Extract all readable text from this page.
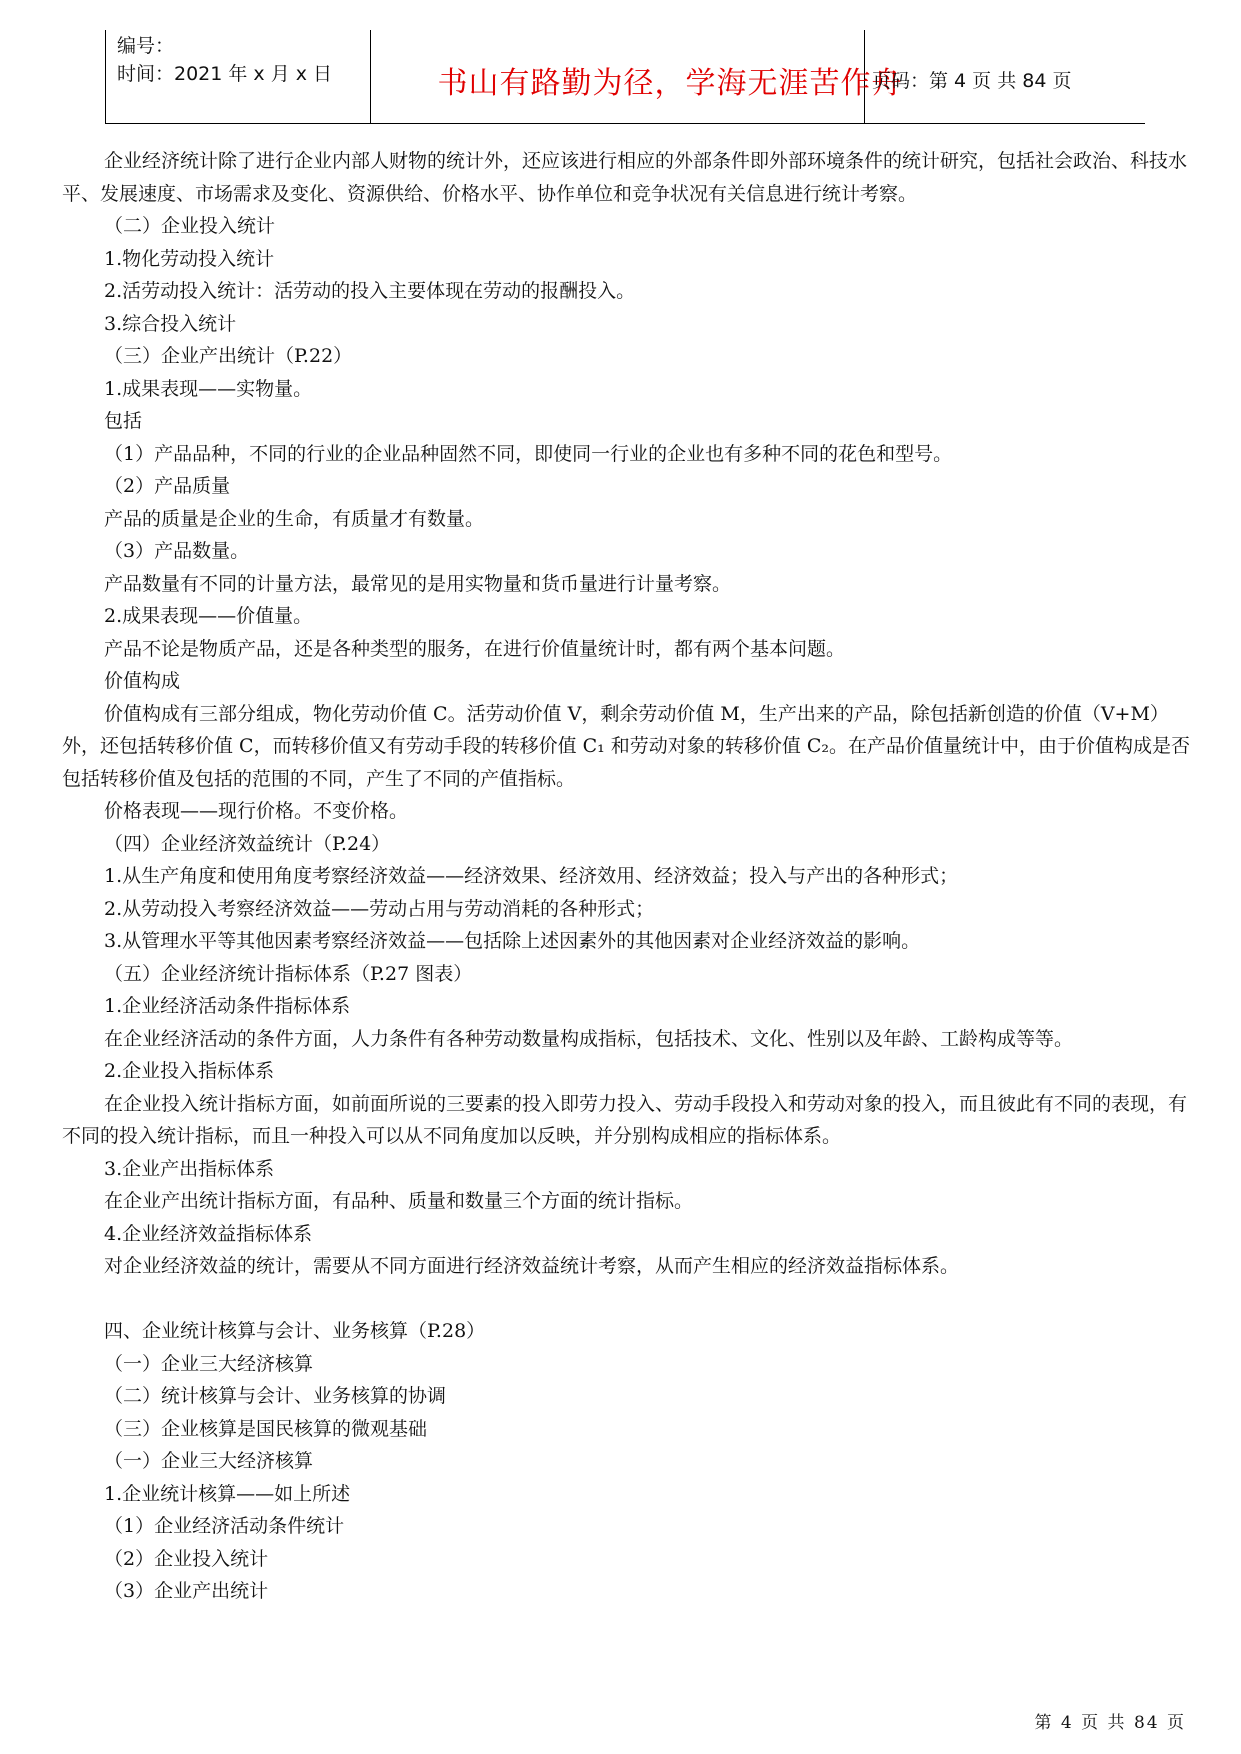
编号：
时间：2021 年 x 月 x 日	书山有路勤为径，学海无涯苦作舟
页码：第 4 页 共 84 页

企业经济统计除了进行企业内部人财物的统计外，还应该进行相应的外部条件即外部环境条件的统计研究，包括社会政治、科技水平、发展速度、市场需求及变化、资源供给、价格水平、协作单位和竞争状况有关信息进行统计考察。

（二）企业投入统计

1.物化劳动投入统计

2.活劳动投入统计：活劳动的投入主要体现在劳动的报酬投入。

3.综合投入统计

（三）企业产出统计（P.22）

1.成果表现——实物量。

包括

（1）产品品种，不同的行业的企业品种固然不同，即使同一行业的企业也有多种不同的花色和型号。

（2）产品质量

产品的质量是企业的生命，有质量才有数量。

（3）产品数量。

产品数量有不同的计量方法，最常见的是用实物量和货币量进行计量考察。

2.成果表现——价值量。

产品不论是物质产品，还是各种类型的服务，在进行价值量统计时，都有两个基本问题。

价值构成

价值构成有三部分组成，物化劳动价值 C。活劳动价值 V，剩余劳动价值 M，生产出来的产品，除包括新创造的价值（V+M）外，还包括转移价值 C，而转移价值又有劳动手段的转移价值 C₁ 和劳动对象的转移价值 C₂。在产品价值量统计中，由于价值构成是否包括转移价值及包括的范围的不同，产生了不同的产值指标。

价格表现——现行价格。不变价格。

（四）企业经济效益统计（P.24）

1.从生产角度和使用角度考察经济效益——经济效果、经济效用、经济效益；投入与产出的各种形式；

2.从劳动投入考察经济效益——劳动占用与劳动消耗的各种形式；

3.从管理水平等其他因素考察经济效益——包括除上述因素外的其他因素对企业经济效益的影响。

（五）企业经济统计指标体系（P.27 图表）

1.企业经济活动条件指标体系

在企业经济活动的条件方面，人力条件有各种劳动数量构成指标，包括技术、文化、性别以及年龄、工龄构成等等。

2.企业投入指标体系

在企业投入统计指标方面，如前面所说的三要素的投入即劳力投入、劳动手段投入和劳动对象的投入，而且彼此有不同的表现，有不同的投入统计指标，而且一种投入可以从不同角度加以反映，并分别构成相应的指标体系。

3.企业产出指标体系

在企业产出统计指标方面，有品种、质量和数量三个方面的统计指标。

4.企业经济效益指标体系

对企业经济效益的统计，需要从不同方面进行经济效益统计考察，从而产生相应的经济效益指标体系。

四、企业统计核算与会计、业务核算（P.28）

（一）企业三大经济核算

（二）统计核算与会计、业务核算的协调

（三）企业核算是国民核算的微观基础

（一）企业三大经济核算

1.企业统计核算——如上所述

（1）企业经济活动条件统计

（2）企业投入统计

（3）企业产出统计

第 4 页 共 84 页
